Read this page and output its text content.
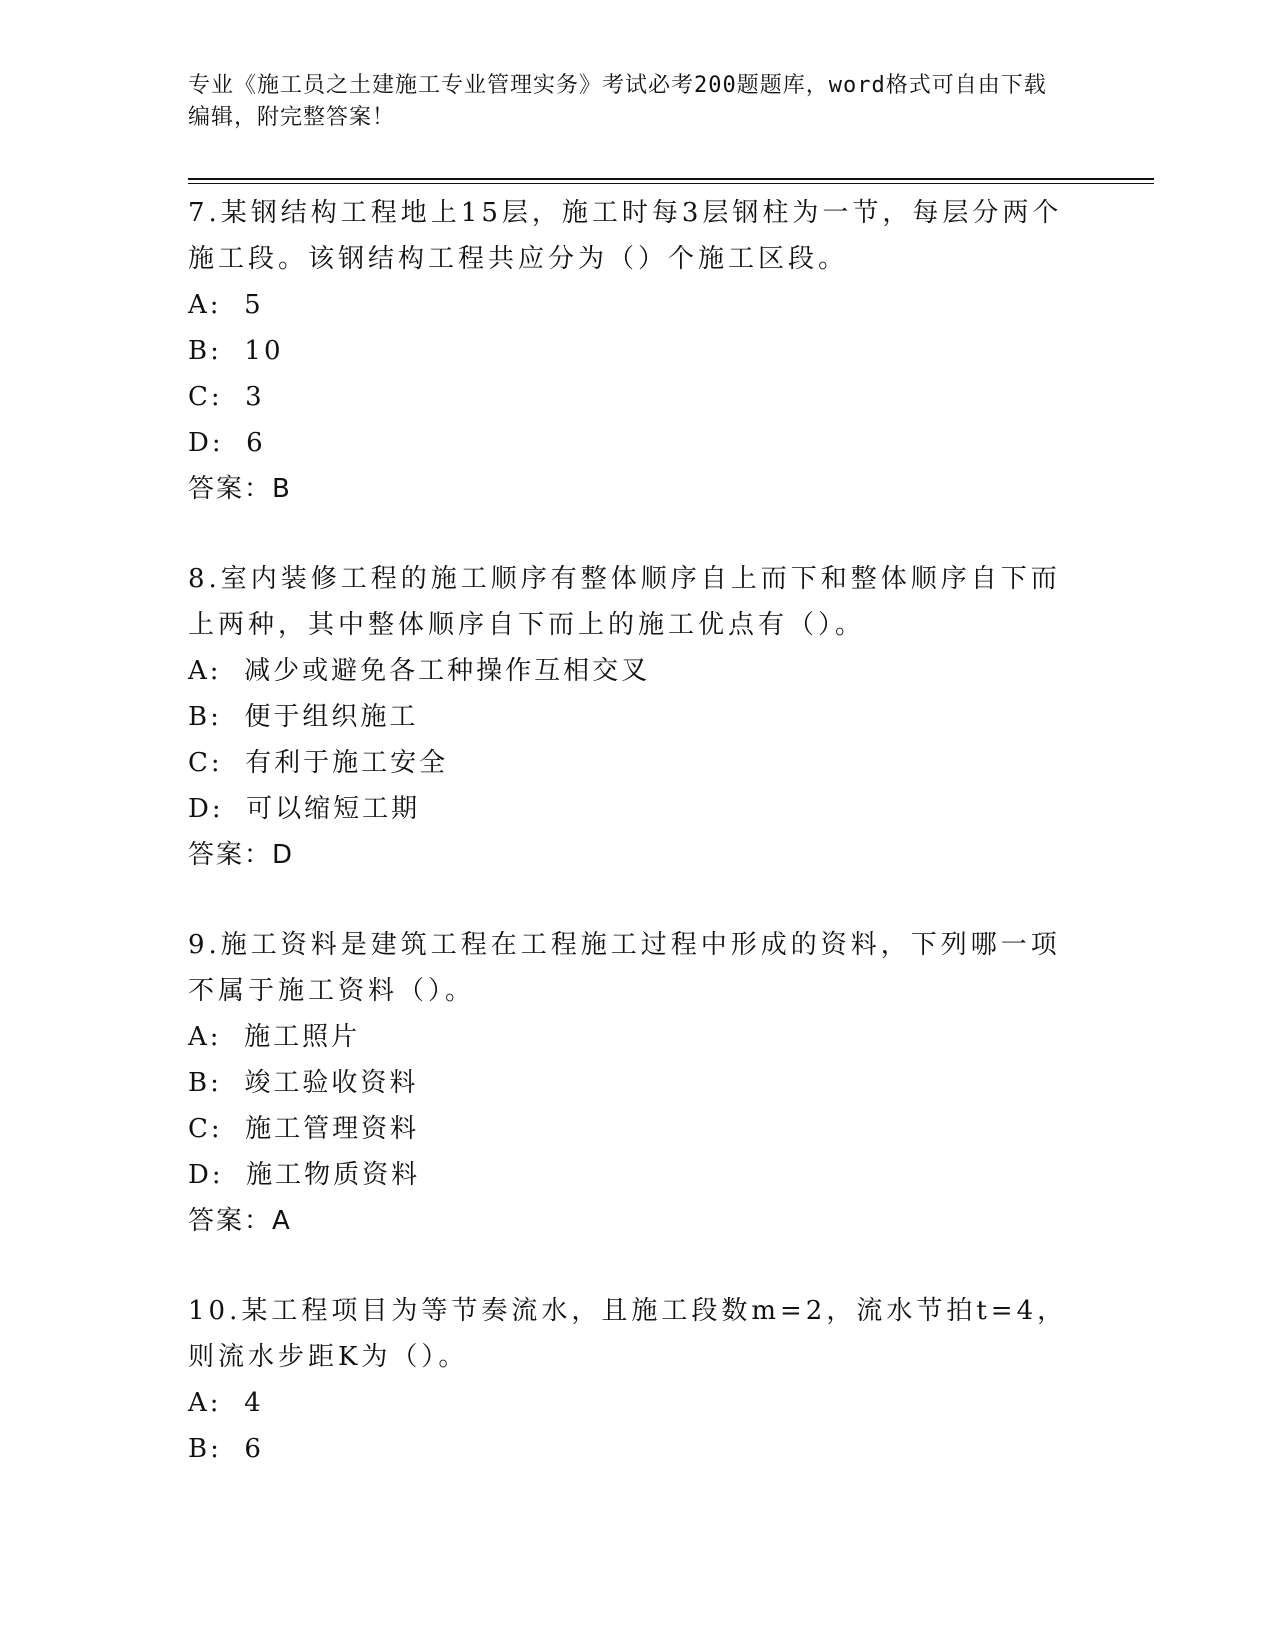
专业《施工员之土建施工专业管理实务》考试必考200题题库，word格式可自由下载编辑，附完整答案！

7.某钢结构工程地上15层，施工时每3层钢柱为一节，每层分两个施工段。该钢结构工程共应分为（）个施工区段。

A:  5

B:  10

C:  3

D:  6

答案：B

8.室内装修工程的施工顺序有整体顺序自上而下和整体顺序自下而上两种，其中整体顺序自下而上的施工优点有（）。

A:  减少或避免各工种操作互相交叉

B:  便于组织施工

C:  有利于施工安全

D:  可以缩短工期

答案：D

9.施工资料是建筑工程在工程施工过程中形成的资料，下列哪一项不属于施工资料（）。

A:  施工照片

B:  竣工验收资料

C:  施工管理资料

D:  施工物质资料

答案：A

10.某工程项目为等节奏流水，且施工段数m=2，流水节拍t=4，则流水步距K为（）。

A:  4

B:  6
